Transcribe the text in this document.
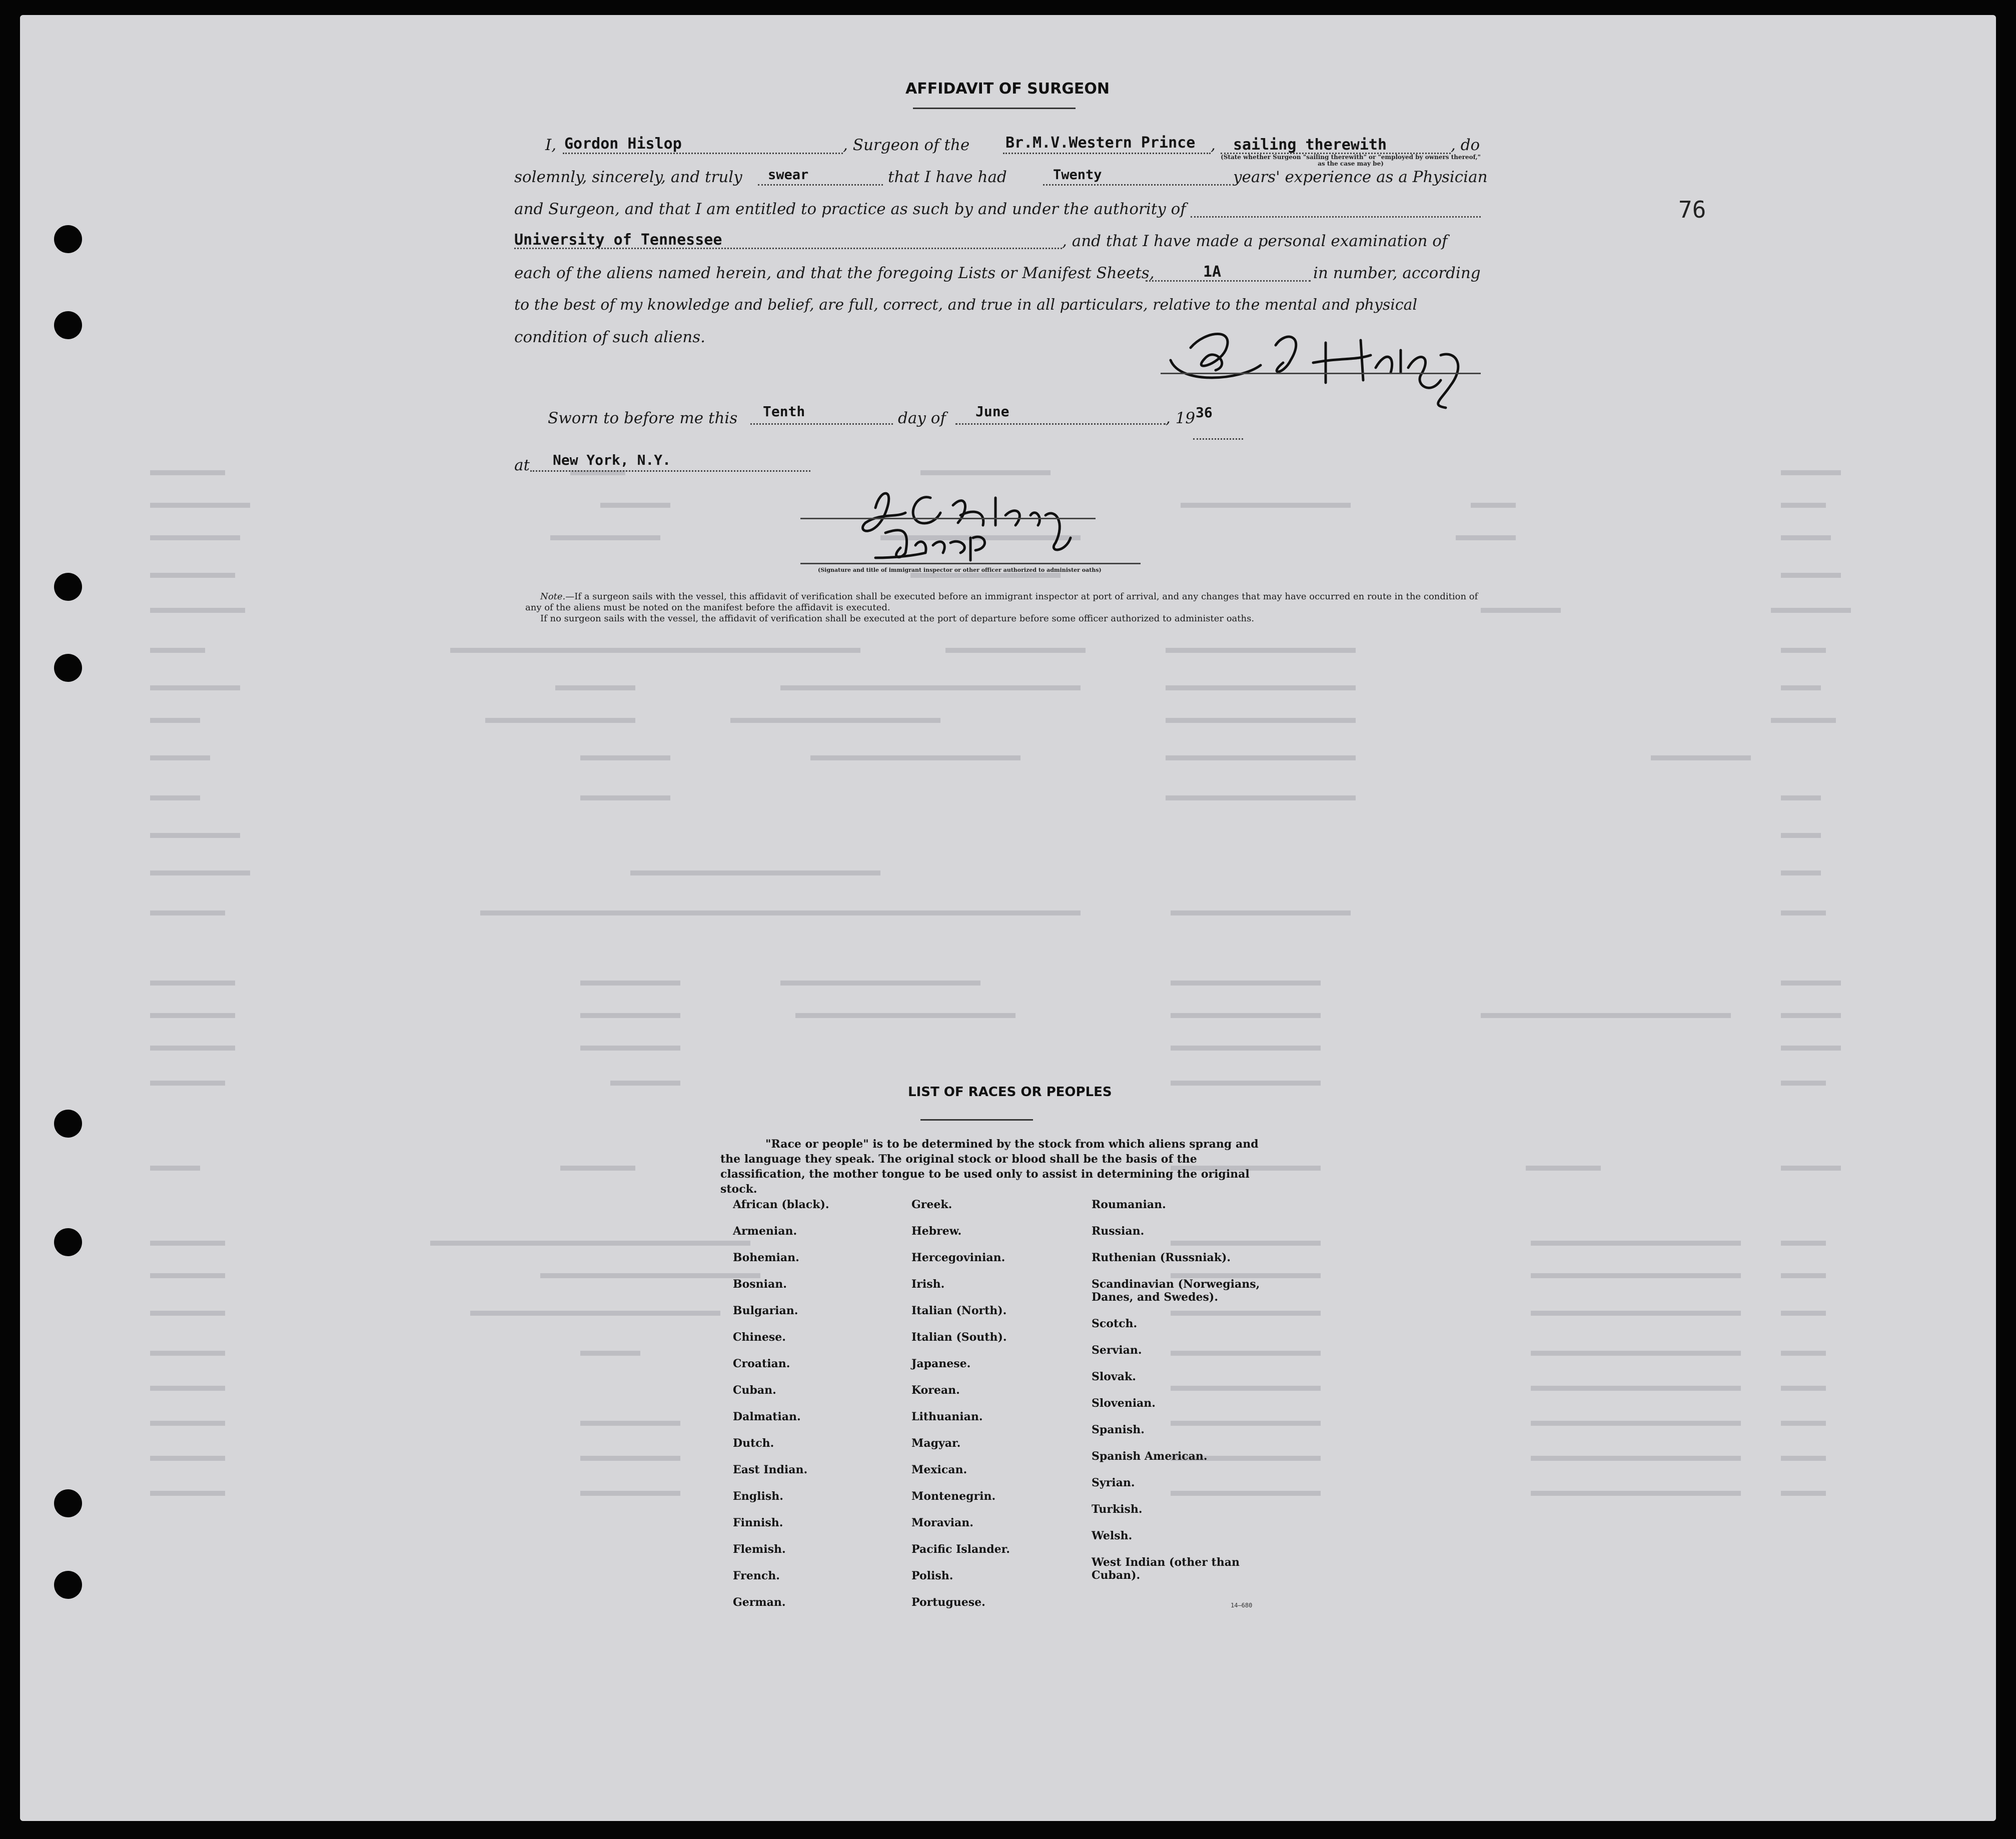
76
AFFIDAVIT OF SURGEON
I, Gordon Hislop	, Surgeon of the Br.M.V.Western Prince , sailing therewith	, do
(State whether Surgeon "sailing therewith" or "employed by owners thereof," as the case may be)
solemnly, sincerely, and truly swear	that I have had	Twenty	years' experience as a Physician
and Surgeon, and that I am entitled to practice as such by and under the authority of
University of Tennessee	, and that I have made a personal examination of
each of the aliens named herein, and that the foregoing Lists or Manifest Sheets,	1A	in number, according
to the best of my knowledge and belief, are full, correct, and true in all particulars, relative to the mental and physical
condition of such aliens.
Sworn to before me this Tenth	day of June	, 19 36
at New York, N.Y.
(Signature and title of immigrant inspector or other officer authorized to administer oaths)
Note.—If a surgeon sails with the vessel, this affidavit of verification shall be executed before an immigrant inspector at port of arrival, and any changes that may have occurred en route in the condition of any of the aliens must be noted on the manifest before the affidavit is executed.
If no surgeon sails with the vessel, the affidavit of verification shall be executed at the port of departure before some officer authorized to administer oaths.
LIST OF RACES OR PEOPLES
"Race or people" is to be determined by the stock from which aliens sprang and the language they speak. The original stock or blood shall be the basis of the classification, the mother tongue to be used only to assist in determining the original stock.
African (black).
Armenian.
Bohemian.
Bosnian.
Bulgarian.
Chinese.
Croatian.
Cuban.
Dalmatian.
Dutch.
East Indian.
English.
Finnish.
Flemish.
French.
German.
Greek.
Hebrew.
Hercegovinian.
Irish.
Italian (North).
Italian (South).
Japanese.
Korean.
Lithuanian.
Magyar.
Mexican.
Montenegrin.
Moravian.
Pacific Islander.
Polish.
Portuguese.
Roumanian.
Russian.
Ruthenian (Russniak).
Scandinavian (Norwegians,
Danes, and Swedes).
Scotch.
Servian.
Slovak.
Slovenian.
Spanish.
Spanish American.
Syrian.
Turkish.
Welsh.
West Indian (other than
Cuban).
14—680
